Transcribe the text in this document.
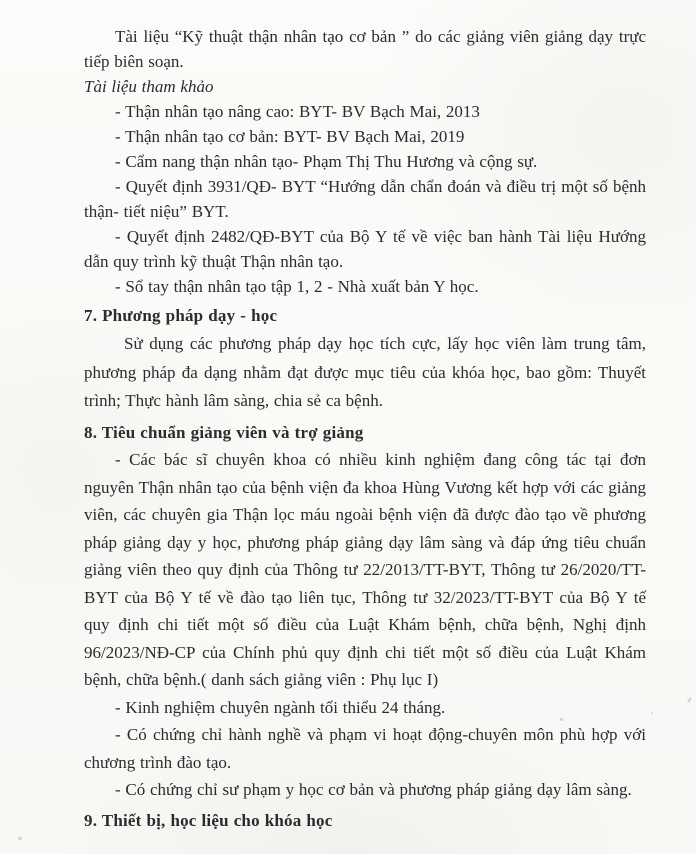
Tài liệu “Kỹ thuật thận nhân tạo cơ bản ” do các giảng viên giảng dạy trực tiếp biên soạn.

Tài liệu tham khảo

- Thận nhân tạo nâng cao: BYT- BV Bạch Mai, 2013

- Thận nhân tạo cơ bản: BYT- BV Bạch Mai, 2019

- Cẩm nang thận nhân tạo- Phạm Thị Thu Hương và cộng sự.

- Quyết định 3931/QĐ- BYT “Hướng dẫn chẩn đoán và điều trị một số bệnh thận- tiết niệu” BYT.

- Quyết định 2482/QĐ-BYT của Bộ Y tế về việc ban hành Tài liệu Hướng dẫn quy trình kỹ thuật Thận nhân tạo.

- Sổ tay thận nhân tạo tập 1, 2 - Nhà xuất bản Y học.

7. Phương pháp dạy - học

Sử dụng các phương pháp dạy học tích cực, lấy học viên làm trung tâm, phương pháp đa dạng nhằm đạt được mục tiêu của khóa học, bao gồm: Thuyết trình; Thực hành lâm sàng, chia sẻ ca bệnh.

8. Tiêu chuẩn giảng viên và trợ giảng

- Các bác sĩ chuyên khoa có nhiều kinh nghiệm đang công tác tại đơn nguyên Thận nhân tạo của bệnh viện đa khoa Hùng Vương kết hợp với các giảng viên, các chuyên gia Thận lọc máu ngoài bệnh viện đã được đào tạo về phương pháp giảng dạy y học, phương pháp giảng dạy lâm sàng và đáp ứng tiêu chuẩn giảng viên theo quy định của Thông tư 22/2013/TT-BYT, Thông tư 26/2020/TT-BYT của Bộ Y tế về đào tạo liên tục, Thông tư 32/2023/TT-BYT của Bộ Y tế quy định chi tiết một số điều của Luật Khám bệnh, chữa bệnh, Nghị định 96/2023/NĐ-CP của Chính phủ quy định chi tiết một số điều của Luật Khám bệnh, chữa bệnh.( danh sách giảng viên : Phụ lục I)

- Kinh nghiệm chuyên ngành tối thiểu 24 tháng.

- Có chứng chỉ hành nghề và phạm vi hoạt động-chuyên môn phù hợp với chương trình đào tạo.

- Có chứng chỉ sư phạm y học cơ bản và phương pháp giảng dạy lâm sàng.

9. Thiết bị, học liệu cho khóa học
